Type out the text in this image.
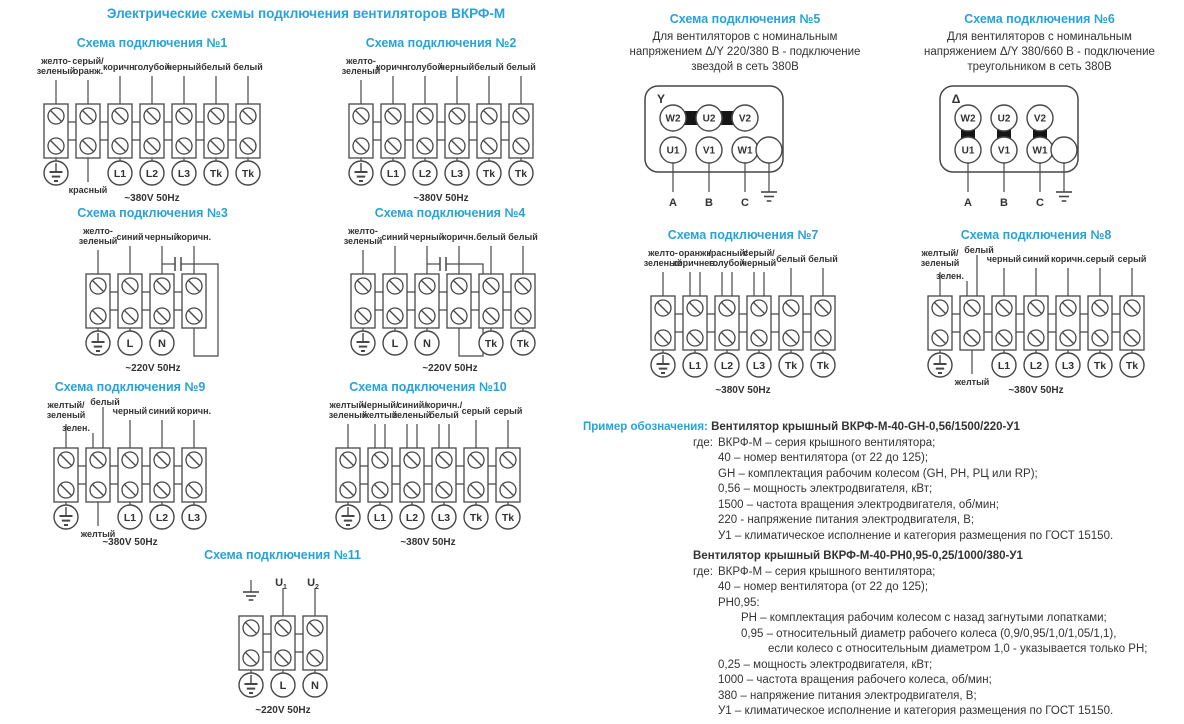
Электрические схемы подключения вентиляторов ВКРФ-М
Схема подключения №1
желто-
зеленый
серый/
оранж. коричн.
голубой
черный белый белый
красный
L1 L2 L3 Tk Tk
~380V 50Hz
Схема подключения №2
желто-
зеленый
коричн.
голубой
черный белый белый
L1 L2 L3 Tk Tk
~380V 50Hz
Схема подключения №3
желто-
зеленый синий черный
коричн.
L N
~220V 50Hz
Схема подключения №4
желто-
зеленый синий черный
коричн. белый белый
L N	Tk Tk
~220V 50Hz
Схема подключения №5
Для вентиляторов с номинальным
напряжением Δ/Y 220/380 В - подключение
звездой в сеть 380В
Y
W2
U1
A
U2
V1
B
V2
W1
C
Схема подключения №6
Для вентиляторов с номинальным
напряжением Δ/Y 380/660 В - подключение
треугольником в сеть 380В
Δ
W2
U1
A
U2
V1
B
V2
W1
C
Схема подключения №7
желто-
зеленый
оранж./
коричнев.
красный/
голубой
серый/
черный белый белый
L1 L2 L3 Tk Tk
~380V 50Hz
Схема подключения №8
желтый/
зеленый
белый
зелен.
черный синий коричн. серый серый
желтый
L1 L2 L3 Tk Tk
~380V 50Hz
Схема подключения №9
желтый/
зеленый
белый
зелен.
черный синий коричн.
желтый
L1 L2 L3
~380V 50Hz
Схема подключения №10
желтый/
зеленый
черный/
желтый
синий/
зеленый
коричн./
белый серый серый
L1 L2 L3 Tk Tk
~380V 50Hz
Схема подключения №11
$U_1$ $U_2$
L N
~220V 50Hz
Пример обозначения: Вентилятор крышный ВКРФ-М-40-GH-0,56/1500/220-У1
где: ВКРФ-М – серия крышного вентилятора;
40 – номер вентилятора (от 22 до 125);
GH – комплектация рабочим колесом (GH, PH, РЦ или RP);
0,56 – мощность электродвигателя, кВт;
1500 – частота вращения электродвигателя, об/мин;
220 - напряжение питания электродвигателя, В;
У1 – климатическое исполнение и категория размещения по ГОСТ 15150.
Вентилятор крышный ВКРФ-М-40-РН0,95-0,25/1000/380-У1
где: ВКРФ-М – серия крышного вентилятора;
40 – номер вентилятора (от 22 до 125);
РН0,95:
РН – комплектация рабочим колесом с назад загнутыми лопатками;
0,95 – относительный диаметр рабочего колеса (0,9/0,95/1,0/1,05/1,1),
если колесо с относительным диаметром 1,0 - указывается только РН;
0,25 – мощность электродвигателя, кВт;
1000 – частота вращения рабочего колеса, об/мин;
380 – напряжение питания электродвигателя, В;
У1 – климатическое исполнение и категория размещения по ГОСТ 15150.
